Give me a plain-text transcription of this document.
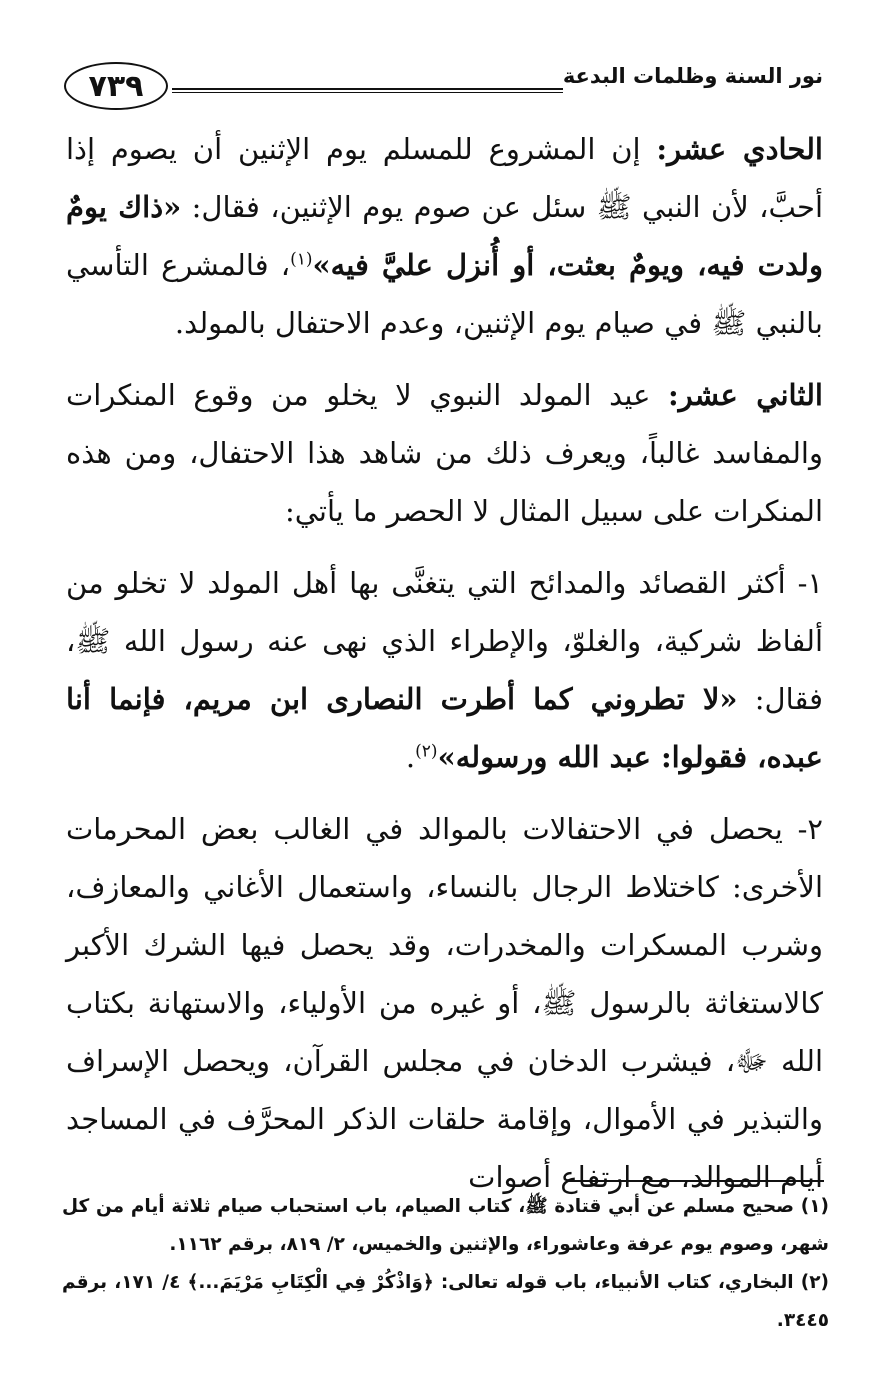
نور السنة وظلمات البدعة
٧٣٩

الحادي عشر: إن المشروع للمسلم يوم الإثنين أن يصوم إذا أحبَّ، لأن النبي ﷺ سئل عن صوم يوم الإثنين، فقال: «ذاك يومٌ ولدت فيه، ويومٌ بعثت، أو أُنزل عليَّ فيه»$^{(١)}$، فالمشرع التأسي بالنبي ﷺ في صيام يوم الإثنين، وعدم الاحتفال بالمولد.

الثاني عشر: عيد المولد النبوي لا يخلو من وقوع المنكرات والمفاسد غالباً، ويعرف ذلك من شاهد هذا الاحتفال، ومن هذه المنكرات على سبيل المثال لا الحصر ما يأتي:

١- أكثر القصائد والمدائح التي يتغنَّى بها أهل المولد لا تخلو من ألفاظ شركية، والغلوّ، والإطراء الذي نهى عنه رسول الله ﷺ، فقال: «لا تطروني كما أطرت النصارى ابن مريم، فإنما أنا عبده، فقولوا: عبد الله ورسوله»$^{(٢)}$.

٢- يحصل في الاحتفالات بالموالد في الغالب بعض المحرمات الأخرى: كاختلاط الرجال بالنساء، واستعمال الأغاني والمعازف، وشرب المسكرات والمخدرات، وقد يحصل فيها الشرك الأكبر كالاستغاثة بالرسول ﷺ، أو غيره من الأولياء، والاستهانة بكتاب الله ﷻ، فيشرب الدخان في مجلس القرآن، ويحصل الإسراف والتبذير في الأموال، وإقامة حلقات الذكر المحرَّف في المساجد أيام الموالد، مع ارتفاع أصوات

(١) صحيح مسلم عن أبي قتادة ﷺ، كتاب الصيام، باب استحباب صيام ثلاثة أيام من كل شهر، وصوم يوم عرفة وعاشوراء، والإثنين والخميس، ٢/ ٨١٩، برقم ١١٦٢.

(٢) البخاري، كتاب الأنبياء، باب قوله تعالى: ﴿وَاذْكُرْ فِي الْكِتَابِ مَرْيَمَ...﴾ ٤/ ١٧١، برقم ٣٤٤٥.
